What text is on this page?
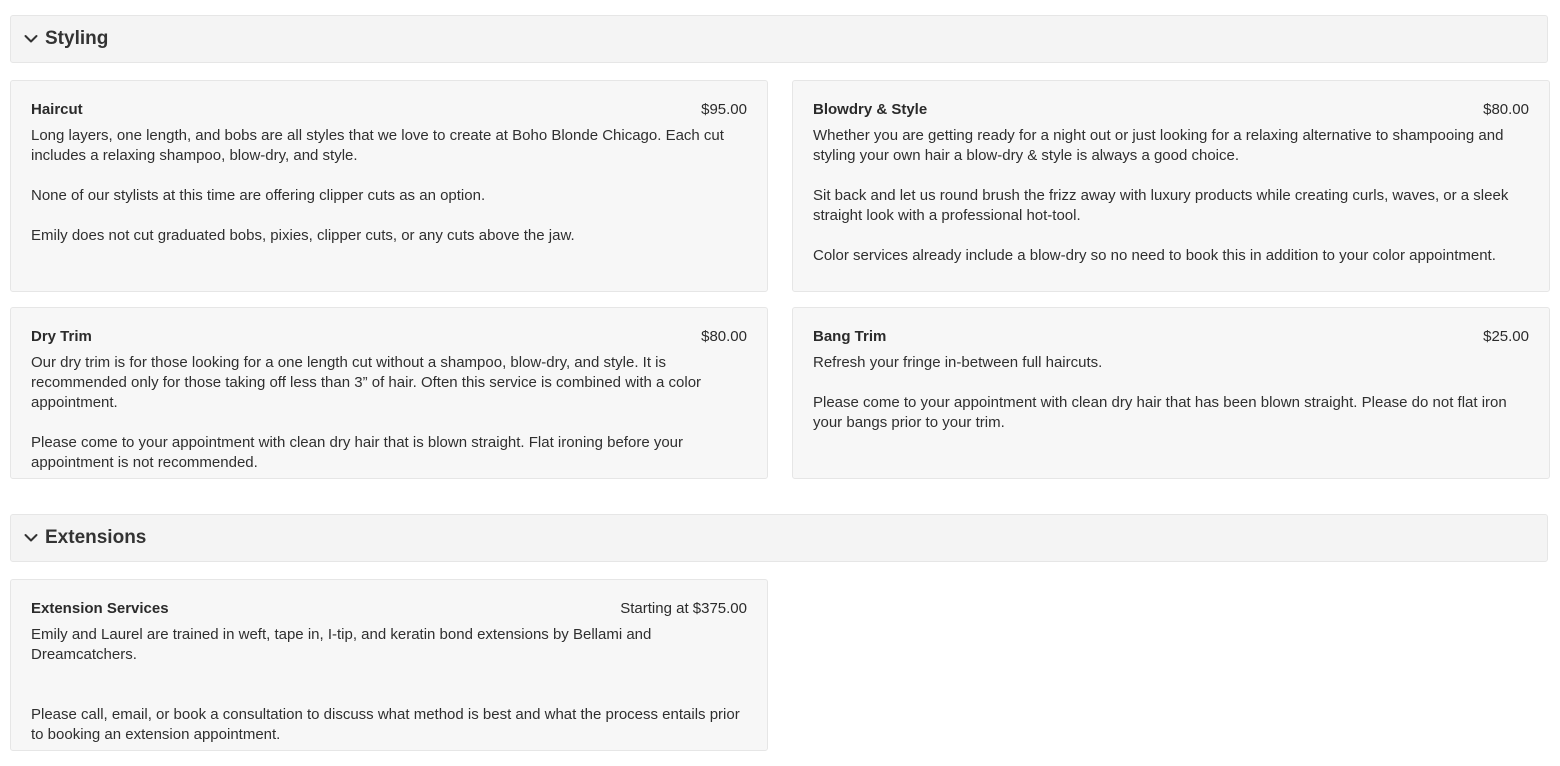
Styling
Haircut	$95.00

Long layers, one length, and bobs are all styles that we love to create at Boho Blonde Chicago. Each cut includes a relaxing shampoo, blow-dry, and style.

None of our stylists at this time are offering clipper cuts as an option.

Emily does not cut graduated bobs, pixies, clipper cuts, or any cuts above the jaw.

Blowdry & Style	$80.00

Whether you are getting ready for a night out or just looking for a relaxing alternative to shampooing and styling your own hair a blow-dry & style is always a good choice.

Sit back and let us round brush the frizz away with luxury products while creating curls, waves, or a sleek straight look with a professional hot-tool.

Color services already include a blow-dry so no need to book this in addition to your color appointment.

Dry Trim	$80.00

Our dry trim is for those looking for a one length cut without a shampoo, blow-dry, and style. It is recommended only for those taking off less than 3” of hair. Often this service is combined with a color appointment.

Please come to your appointment with clean dry hair that is blown straight. Flat ironing before your appointment is not recommended.

Bang Trim	$25.00

Refresh your fringe in-between full haircuts.

Please come to your appointment with clean dry hair that has been blown straight. Please do not flat iron your bangs prior to your trim.

Extensions
Extension Services	Starting at $375.00

Emily and Laurel are trained in weft, tape in, I-tip, and keratin bond extensions by Bellami and Dreamcatchers.

Please call, email, or book a consultation to discuss what method is best and what the process entails prior to booking an extension appointment.
